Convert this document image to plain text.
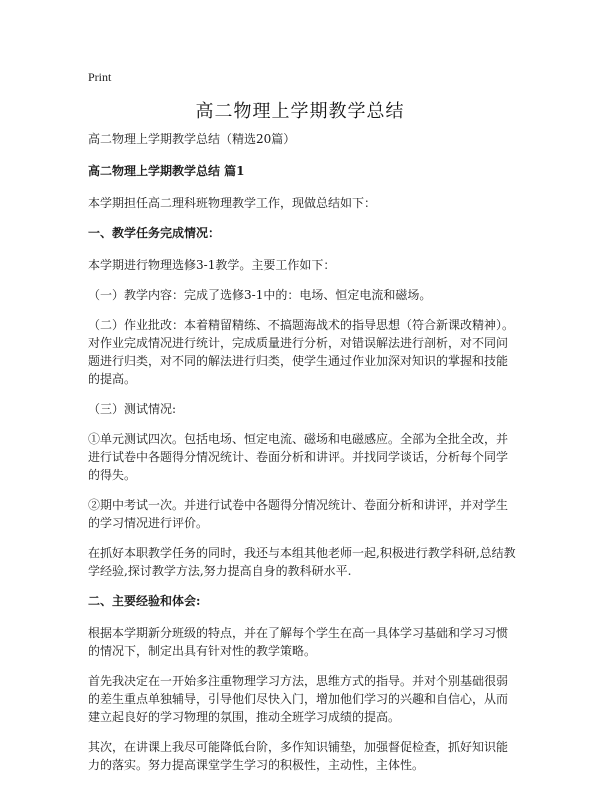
Print
高二物理上学期教学总结

高二物理上学期教学总结（精选20篇）

高二物理上学期教学总结 篇1

本学期担任高二理科班物理教学工作，现做总结如下：

一、教学任务完成情况：

本学期进行物理选修3-1教学。主要工作如下：

（一）教学内容：完成了选修3-1中的：电场、恒定电流和磁场。

（二）作业批改：本着精留精练、不搞题海战术的指导思想（符合新课改精神）。对作业完成情况进行统计，完成质量进行分析，对错误解法进行剖析，对不同问题进行归类，对不同的解法进行归类，使学生通过作业加深对知识的掌握和技能的提高。

（三）测试情况:

①单元测试四次。包括电场、恒定电流、磁场和电磁感应。全部为全批全改，并进行试卷中各题得分情况统计、卷面分析和讲评。并找同学谈话，分析每个同学的得失。

②期中考试一次。并进行试卷中各题得分情况统计、卷面分析和讲评，并对学生的学习情况进行评价。

在抓好本职教学任务的同时，我还与本组其他老师一起,积极进行教学科研,总结教学经验,探讨教学方法,努力提高自身的教科研水平.

二、主要经验和体会:

根据本学期新分班级的特点，并在了解每个学生在高一具体学习基础和学习习惯的情况下，制定出具有针对性的教学策略。

首先我决定在一开始多注重物理学习方法，思维方式的指导。并对个别基础很弱的差生重点单独辅导，引导他们尽快入门，增加他们学习的兴趣和自信心，从而建立起良好的学习物理的氛围，推动全班学习成绩的提高。

其次，在讲课上我尽可能降低台阶，多作知识铺垫，加强督促检查，抓好知识能力的落实。努力提高课堂学生学习的积极性，主动性，主体性。
